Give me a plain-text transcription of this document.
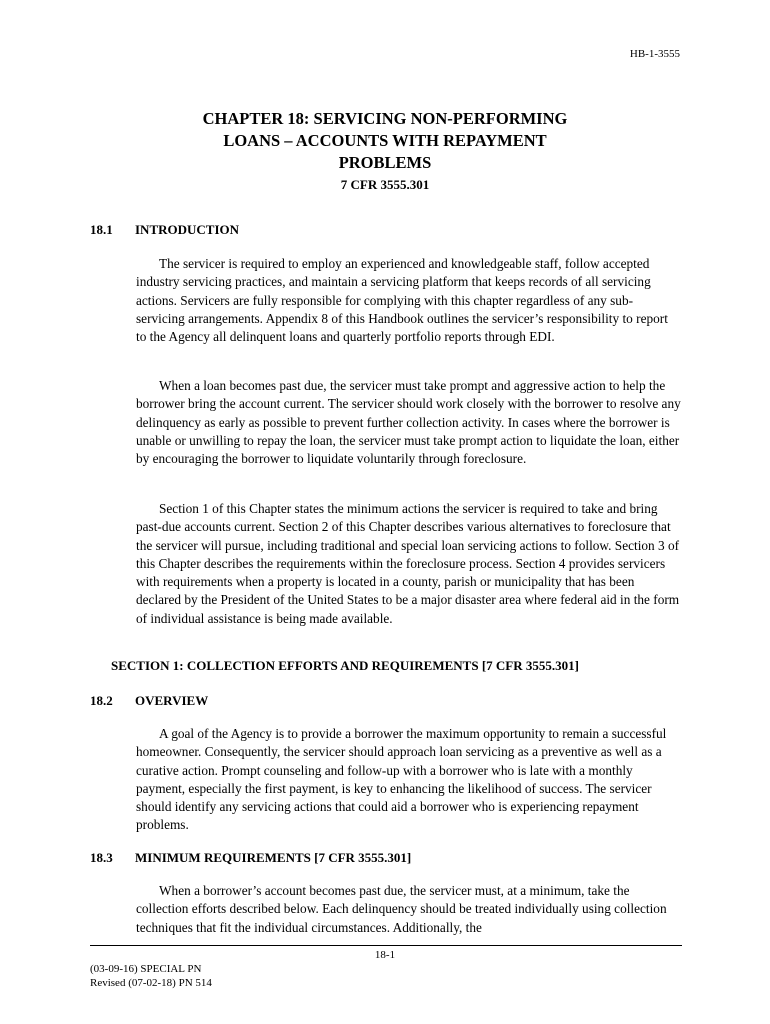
HB-1-3555
CHAPTER 18: SERVICING NON-PERFORMING
LOANS – ACCOUNTS WITH REPAYMENT
PROBLEMS
7 CFR 3555.301
18.1 INTRODUCTION

The servicer is required to employ an experienced and knowledgeable staff, follow accepted industry servicing practices, and maintain a servicing platform that keeps records of all servicing actions. Servicers are fully responsible for complying with this chapter regardless of any sub-servicing arrangements. Appendix 8 of this Handbook outlines the servicer’s responsibility to report to the Agency all delinquent loans and quarterly portfolio reports through EDI.

When a loan becomes past due, the servicer must take prompt and aggressive action to help the borrower bring the account current. The servicer should work closely with the borrower to resolve any delinquency as early as possible to prevent further collection activity. In cases where the borrower is unable or unwilling to repay the loan, the servicer must take prompt action to liquidate the loan, either by encouraging the borrower to liquidate voluntarily through foreclosure.

Section 1 of this Chapter states the minimum actions the servicer is required to take and bring past-due accounts current. Section 2 of this Chapter describes various alternatives to foreclosure that the servicer will pursue, including traditional and special loan servicing actions to follow. Section 3 of this Chapter describes the requirements within the foreclosure process. Section 4 provides servicers with requirements when a property is located in a county, parish or municipality that has been declared by the President of the United States to be a major disaster area where federal aid in the form of individual assistance is being made available.

SECTION 1: COLLECTION EFFORTS AND REQUIREMENTS [7 CFR 3555.301]
18.2 OVERVIEW

A goal of the Agency is to provide a borrower the maximum opportunity to remain a successful homeowner. Consequently, the servicer should approach loan servicing as a preventive as well as a curative action. Prompt counseling and follow-up with a borrower who is late with a monthly payment, especially the first payment, is key to enhancing the likelihood of success. The servicer should identify any servicing actions that could aid a borrower who is experiencing repayment problems.

18.3 MINIMUM REQUIREMENTS [7 CFR 3555.301]

When a borrower’s account becomes past due, the servicer must, at a minimum, take the collection efforts described below. Each delinquency should be treated individually using collection techniques that fit the individual circumstances. Additionally, the

18-1
(03-09-16) SPECIAL PN
Revised (07-02-18) PN 514
